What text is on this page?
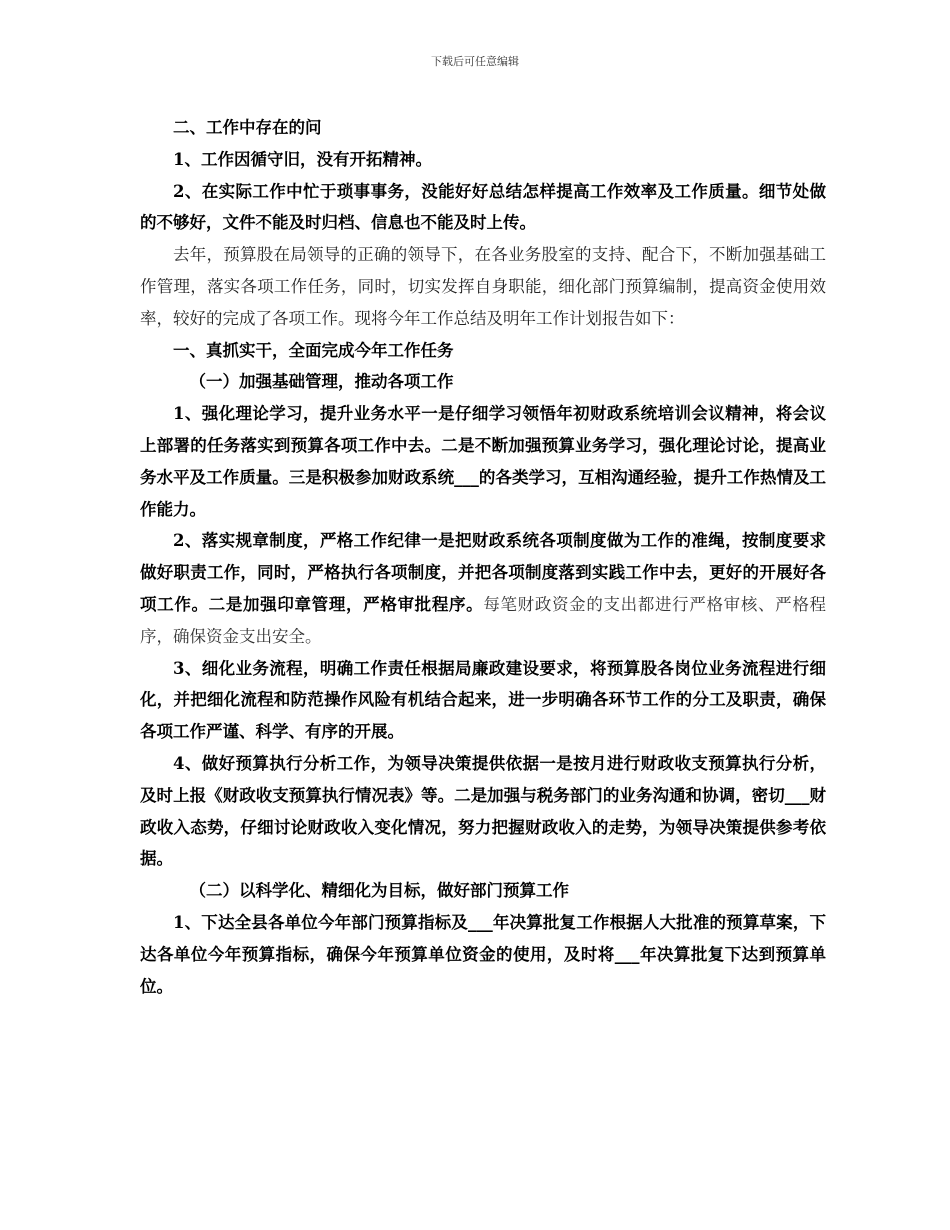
下载后可任意编辑

二、工作中存在的问

1、工作因循守旧，没有开拓精神。

2、在实际工作中忙于琐事事务，没能好好总结怎样提高工作效率及工作质量。细节处做的不够好，文件不能及时归档、信息也不能及时上传。

去年，预算股在局领导的正确的领导下，在各业务股室的支持、配合下，不断加强基础工作管理，落实各项工作任务，同时，切实发挥自身职能，细化部门预算编制，提高资金使用效率，较好的完成了各项工作。现将今年工作总结及明年工作计划报告如下：

一、真抓实干，全面完成今年工作任务

（一）加强基础管理，推动各项工作

1、强化理论学习，提升业务水平一是仔细学习领悟年初财政系统培训会议精神，将会议上部署的任务落实到预算各项工作中去。二是不断加强预算业务学习，强化理论讨论，提高业务水平及工作质量。三是积极参加财政系统___的各类学习，互相沟通经验，提升工作热情及工作能力。

2、落实规章制度，严格工作纪律一是把财政系统各项制度做为工作的准绳，按制度要求做好职责工作，同时，严格执行各项制度，并把各项制度落到实践工作中去，更好的开展好各项工作。二是加强印章管理，严格审批程序。每笔财政资金的支出都进行严格审核、严格程序，确保资金支出安全。

3、细化业务流程，明确工作责任根据局廉政建设要求，将预算股各岗位业务流程进行细化，并把细化流程和防范操作风险有机结合起来，进一步明确各环节工作的分工及职责，确保各项工作严谨、科学、有序的开展。

4、做好预算执行分析工作，为领导决策提供依据一是按月进行财政收支预算执行分析，及时上报《财政收支预算执行情况表》等。二是加强与税务部门的业务沟通和协调，密切___财政收入态势，仔细讨论财政收入变化情况，努力把握财政收入的走势，为领导决策提供参考依据。

（二）以科学化、精细化为目标，做好部门预算工作

1、下达全县各单位今年部门预算指标及___年决算批复工作根据人大批准的预算草案，下达各单位今年预算指标，确保今年预算单位资金的使用，及时将___年决算批复下达到预算单位。
